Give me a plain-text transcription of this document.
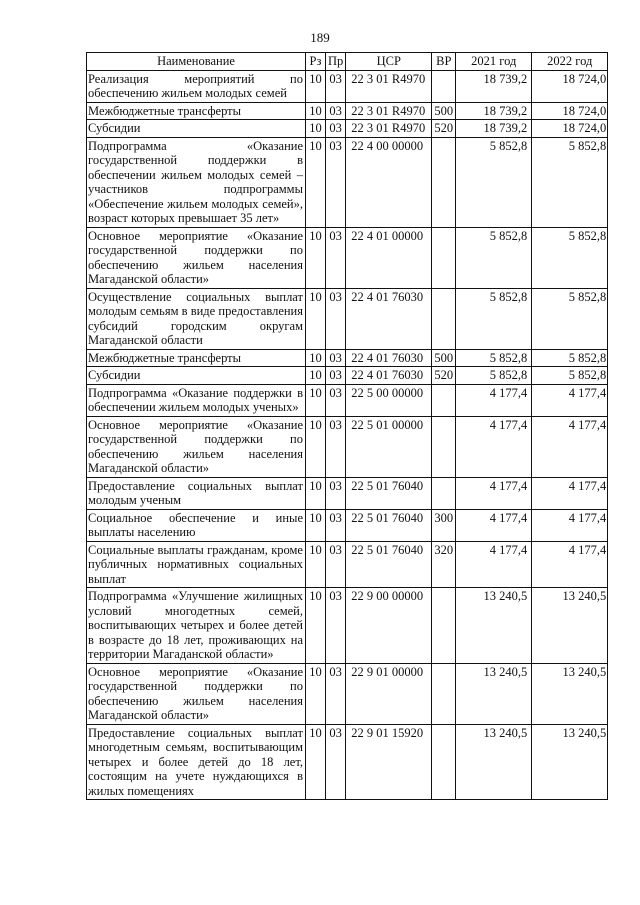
189
Наименование	Рз	Пр	ЦСР	ВР	2021 год	2022 год
Реализация мероприятий по обеспечению жильем молодых семей	10	03	22 3 01 R4970		18 739,2	18 724,0
Межбюджетные трансферты	10	03	22 3 01 R4970	500	18 739,2	18 724,0
Субсидии	10	03	22 3 01 R4970	520	18 739,2	18 724,0
Подпрограмма «Оказание государственной поддержки в обеспечении жильем молодых семей – участников подпрограммы «Обеспечение жильем молодых семей», возраст которых превышает 35 лет»	10	03	22 4 00 00000		5 852,8	5 852,8
Основное мероприятие «Оказание государственной поддержки по обеспечению жильем населения Магаданской области»	10	03	22 4 01 00000		5 852,8	5 852,8
Осуществление социальных выплат молодым семьям в виде предоставления субсидий городским округам Магаданской области	10	03	22 4 01 76030		5 852,8	5 852,8
Межбюджетные трансферты	10	03	22 4 01 76030	500	5 852,8	5 852,8
Субсидии	10	03	22 4 01 76030	520	5 852,8	5 852,8
Подпрограмма «Оказание поддержки в обеспечении жильем молодых ученых»	10	03	22 5 00 00000		4 177,4	4 177,4
Основное мероприятие «Оказание государственной поддержки по обеспечению жильем населения Магаданской области»	10	03	22 5 01 00000		4 177,4	4 177,4
Предоставление социальных выплат молодым ученым	10	03	22 5 01 76040		4 177,4	4 177,4
Социальное обеспечение и иные выплаты населению	10	03	22 5 01 76040	300	4 177,4	4 177,4
Социальные выплаты гражданам, кроме публичных нормативных социальных выплат	10	03	22 5 01 76040	320	4 177,4	4 177,4
Подпрограмма «Улучшение жилищных условий многодетных семей, воспитывающих четырех и более детей в возрасте до 18 лет, проживающих на территории Магаданской области»	10	03	22 9 00 00000		13 240,5	13 240,5
Основное мероприятие «Оказание государственной поддержки по обеспечению жильем населения Магаданской области»	10	03	22 9 01 00000		13 240,5	13 240,5
Предоставление социальных выплат многодетным семьям, воспитывающим четырех и более детей до 18 лет, состоящим на учете нуждающихся в жилых помещениях	10	03	22 9 01 15920		13 240,5	13 240,5
